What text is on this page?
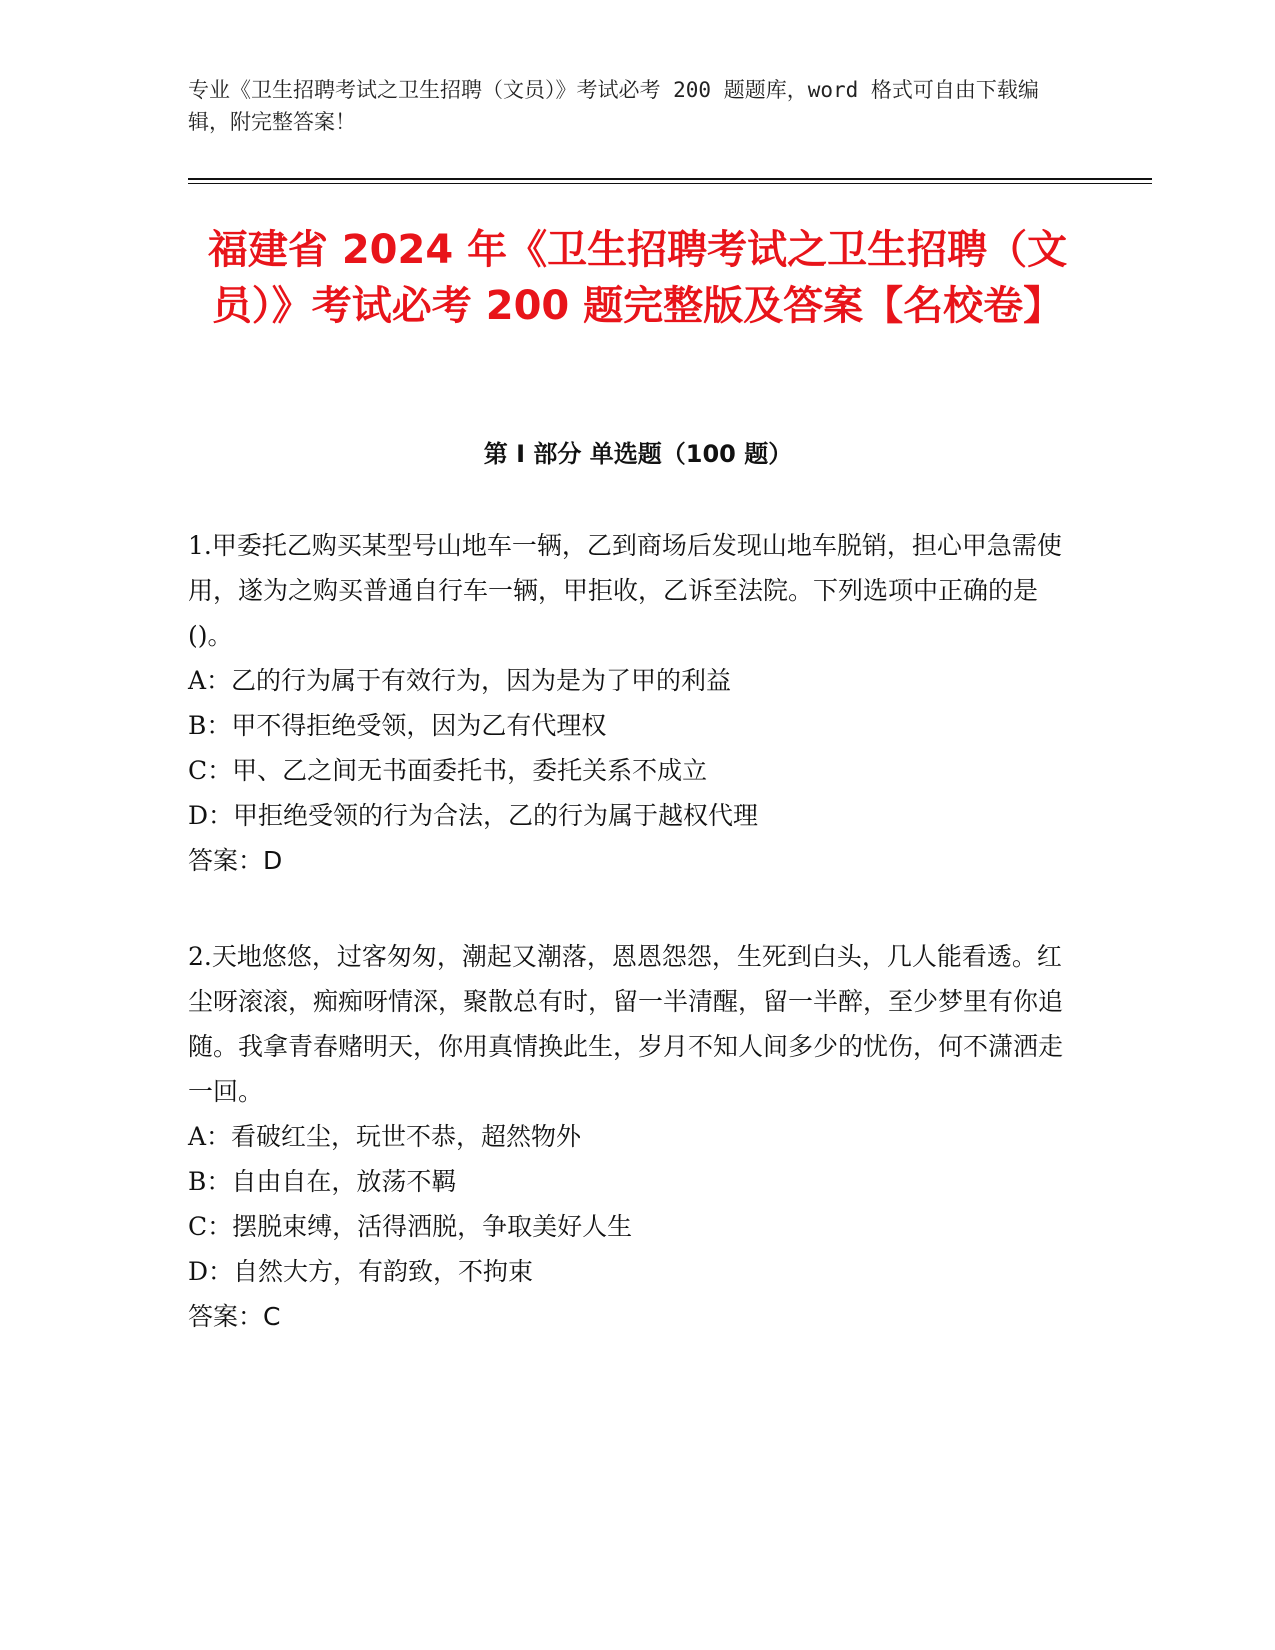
专业《卫生招聘考试之卫生招聘（文员）》考试必考 200 题题库，word 格式可自由下载编辑，附完整答案！
福建省 2024 年《卫生招聘考试之卫生招聘（文员）》考试必考 200 题完整版及答案【名校卷】
第 I 部分 单选题（100 题）

1.甲委托乙购买某型号山地车一辆，乙到商场后发现山地车脱销，担心甲急需使用，遂为之购买普通自行车一辆，甲拒收，乙诉至法院。下列选项中正确的是()。

A：乙的行为属于有效行为，因为是为了甲的利益

B：甲不得拒绝受领，因为乙有代理权

C：甲、乙之间无书面委托书，委托关系不成立

D：甲拒绝受领的行为合法，乙的行为属于越权代理

答案：D

2.天地悠悠，过客匆匆，潮起又潮落，恩恩怨怨，生死到白头，几人能看透。红尘呀滚滚，痴痴呀情深，聚散总有时，留一半清醒，留一半醉，至少梦里有你追随。我拿青春赌明天，你用真情换此生，岁月不知人间多少的忧伤，何不潇洒走一回。

A：看破红尘，玩世不恭，超然物外

B：自由自在，放荡不羁

C：摆脱束缚，活得洒脱，争取美好人生

D：自然大方，有韵致，不拘束

答案：C
